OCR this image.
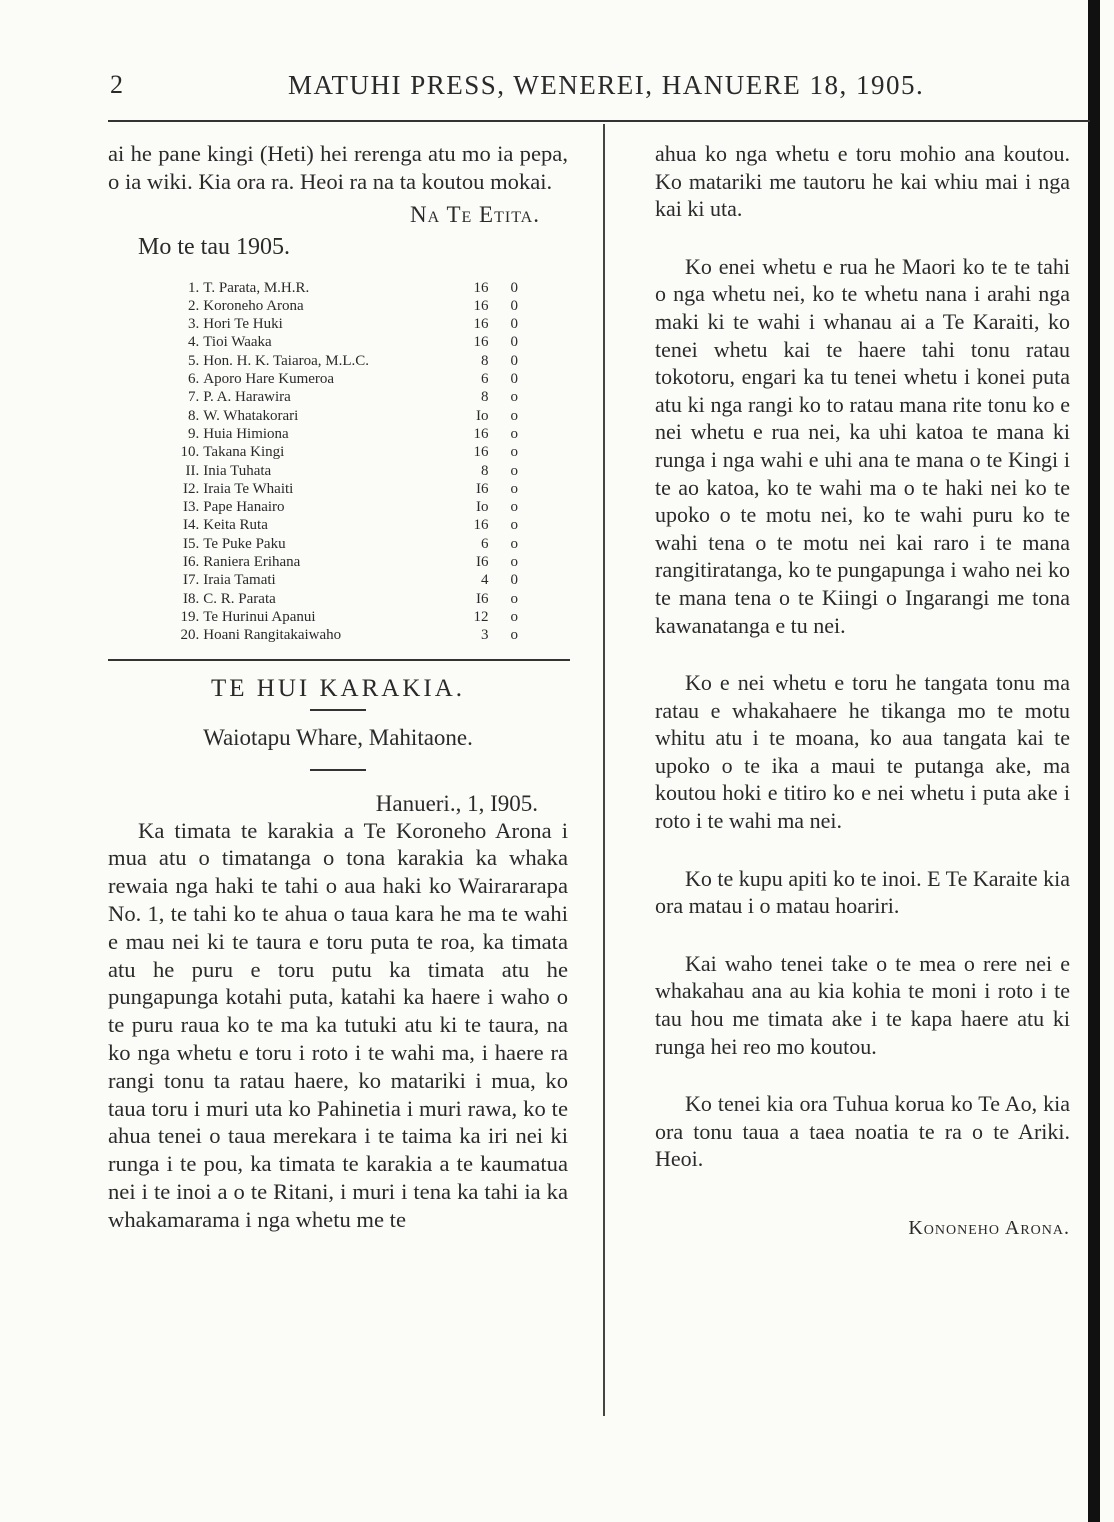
2	MATUHI PRESS, WENEREI, HANUERE 18, 1905.

ai he pane kingi (Heti) hei rerenga atu mo ia pepa, o ia wiki. Kia ora ra. Heoi ra na ta koutou mokai.

Na Te Etita.
Mo te tau 1905.
1. T. Parata, M.H.R.	16	0
2. Koroneho Arona	16	0
3. Hori Te Huki	16	0
4. Tioi Waaka	16	0
5. Hon. H. K. Taiaroa, M.L.C.	8	0
6. Aporo Hare Kumeroa	6	0
7. P. A. Harawira	8	o
8. W. Whatakorari	Io	o
9. Huia Himiona	16	o
10. Takana Kingi	16	o
II. Inia Tuhata	8	o
I2. Iraia Te Whaiti	I6	o
I3. Pape Hanairo	Io	o
I4. Keita Ruta	16	o
I5. Te Puke Paku	6	o
I6. Raniera Erihana	I6	o
I7. Iraia Tamati	4	0
I8. C. R. Parata	I6	o
19. Te Hurinui Apanui	12	o
20. Hoani Rangitakaiwaho	3	o
TE HUI KARAKIA.
Waiotapu Whare, Mahitaone.
Hanueri., 1, I905.

Ka timata te karakia a Te Koroneho Arona i mua atu o timatanga o tona karakia ka whaka rewaia nga haki te tahi o aua haki ko Wairararapa No. 1, te tahi ko te ahua o taua kara he ma te wahi e mau nei ki te taura e toru puta te roa, ka timata atu he puru e toru putu ka timata atu he pungapunga kotahi puta, katahi ka haere i waho o te puru raua ko te ma ka tutuki atu ki te taura, na ko nga whetu e toru i roto i te wahi ma, i haere ra rangi tonu ta ratau haere, ko matariki i mua, ko taua toru i muri uta ko Pahinetia i muri rawa, ko te ahua tenei o taua merekara i te taima ka iri nei ki runga i te pou, ka timata te karakia a te kaumatua nei i te inoi a o te Ritani, i muri i tena ka tahi ia ka whakamarama i nga whetu me te

ahua ko nga whetu e toru mohio ana koutou. Ko matariki me tautoru he kai whiu mai i nga kai ki uta.

Ko enei whetu e rua he Maori ko te te tahi o nga whetu nei, ko te whetu nana i arahi nga maki ki te wahi i whanau ai a Te Karaiti, ko tenei whetu kai te haere tahi tonu ratau tokotoru, engari ka tu tenei whetu i konei puta atu ki nga rangi ko to ratau mana rite tonu ko e nei whetu e rua nei, ka uhi katoa te mana ki runga i nga wahi e uhi ana te mana o te Kingi i te ao katoa, ko te wahi ma o te haki nei ko te upoko o te motu nei, ko te wahi puru ko te wahi tena o te motu nei kai raro i te mana rangitiratanga, ko te pungapunga i waho nei ko te mana tena o te Kiingi o Ingarangi me tona kawanatanga e tu nei.

Ko e nei whetu e toru he tangata tonu ma ratau e whakahaere he tikanga mo te motu whitu atu i te moana, ko aua tangata kai te upoko o te ika a maui te putanga ake, ma koutou hoki e titiro ko e nei whetu i puta ake i roto i te wahi ma nei.

Ko te kupu apiti ko te inoi. E Te Karaite kia ora matau i o matau hoariri.

Kai waho tenei take o te mea o rere nei e whakahau ana au kia kohia te moni i roto i te tau hou me timata ake i te kapa haere atu ki runga hei reo mo koutou.

Ko tenei kia ora Tuhua korua ko Te Ao, kia ora tonu taua a taea noatia te ra o te Ariki. Heoi.

Kononeho Arona.
